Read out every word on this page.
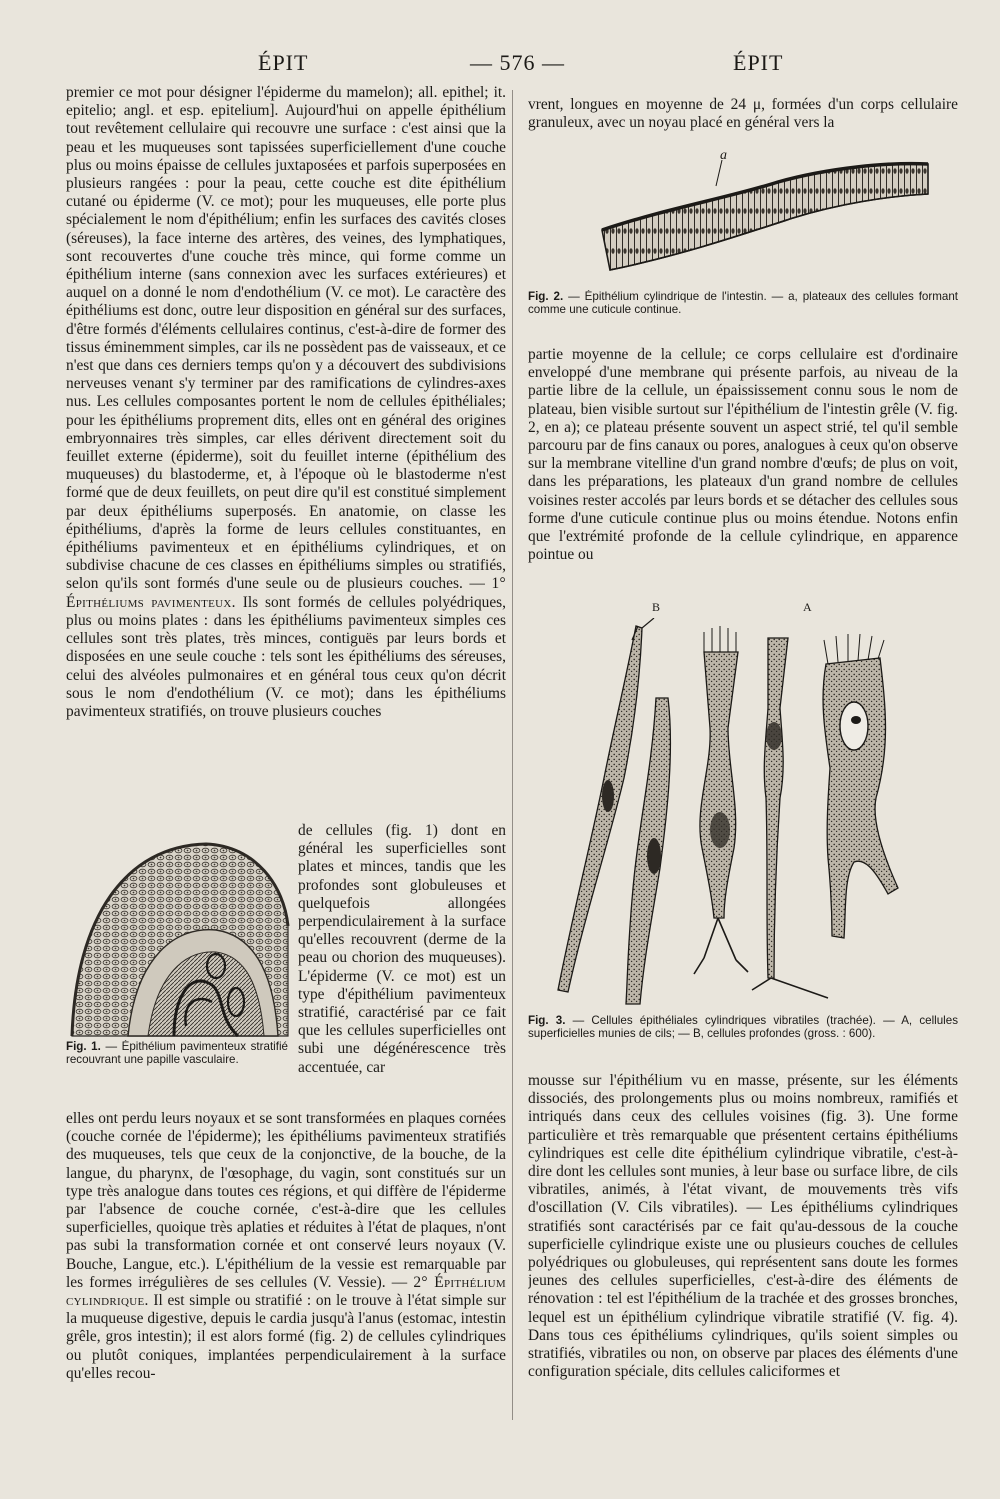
ÉPIT	— 576 —	ÉPIT

premier ce mot pour désigner l'épiderme du mamelon); all. epithel; it. epitelio; angl. et esp. epitelium]. Aujourd'hui on appelle épithélium tout revêtement cellulaire qui recouvre une surface : c'est ainsi que la peau et les muqueuses sont tapissées superficiellement d'une couche plus ou moins épaisse de cellules juxtaposées et parfois superposées en plusieurs rangées : pour la peau, cette couche est dite épithélium cutané ou épiderme (V. ce mot); pour les muqueuses, elle porte plus spécialement le nom d'épithélium; enfin les surfaces des cavités closes (séreuses), la face interne des artères, des veines, des lymphatiques, sont recouvertes d'une couche très mince, qui forme comme un épithélium interne (sans connexion avec les surfaces extérieures) et auquel on a donné le nom d'endothélium (V. ce mot). Le caractère des épithéliums est donc, outre leur disposition en général sur des surfaces, d'être formés d'éléments cellulaires continus, c'est-à-dire de former des tissus éminemment simples, car ils ne possèdent pas de vaisseaux, et ce n'est que dans ces derniers temps qu'on y a découvert des subdivisions nerveuses venant s'y terminer par des ramifications de cylindres-axes nus. Les cellules composantes portent le nom de cellules épithéliales; pour les épithéliums proprement dits, elles ont en général des origines embryonnaires très simples, car elles dérivent directement soit du feuillet externe (épiderme), soit du feuillet interne (épithélium des muqueuses) du blastoderme, et, à l'époque où le blastoderme n'est formé que de deux feuillets, on peut dire qu'il est constitué simplement par deux épithéliums superposés. En anatomie, on classe les épithéliums, d'après la forme de leurs cellules constituantes, en épithéliums pavimenteux et en épithéliums cylindriques, et on subdivise chacune de ces classes en épithéliums simples ou stratifiés, selon qu'ils sont formés d'une seule ou de plusieurs couches. — 1° Épithéliums pavimenteux. Ils sont formés de cellules polyédriques, plus ou moins plates : dans les épithéliums pavimenteux simples ces cellules sont très plates, très minces, contiguës par leurs bords et disposées en une seule couche : tels sont les épithéliums des séreuses, celui des alvéoles pulmonaires et en général tous ceux qu'on décrit sous le nom d'endothélium (V. ce mot); dans les épithéliums pavimenteux stratifiés, on trouve plusieurs couches

Fig. 1. — Épithélium pavimenteux stratifié recouvrant une papille vasculaire.

de cellules (fig. 1) dont en général les superficielles sont plates et minces, tandis que les profondes sont globuleuses et quelquefois allongées perpendiculairement à la surface qu'elles recouvrent (derme de la peau ou chorion des muqueuses). L'épiderme (V. ce mot) est un type d'épithélium pavimenteux stratifié, caractérisé par ce fait que les cellules superficielles ont subi une dégénérescence très accentuée, car

elles ont perdu leurs noyaux et se sont transformées en plaques cornées (couche cornée de l'épiderme); les épithéliums pavimenteux stratifiés des muqueuses, tels que ceux de la conjonctive, de la bouche, de la langue, du pharynx, de l'œsophage, du vagin, sont constitués sur un type très analogue dans toutes ces régions, et qui diffère de l'épiderme par l'absence de couche cornée, c'est-à-dire que les cellules superficielles, quoique très aplaties et réduites à l'état de plaques, n'ont pas subi la transformation cornée et ont conservé leurs noyaux (V. Bouche, Langue, etc.). L'épithélium de la vessie est remarquable par les formes irrégulières de ses cellules (V. Vessie). — 2° Épithélium cylindrique. Il est simple ou stratifié : on le trouve à l'état simple sur la muqueuse digestive, depuis le cardia jusqu'à l'anus (estomac, intestin grêle, gros intestin); il est alors formé (fig. 2) de cellules cylindriques ou plutôt coniques, implantées perpendiculairement à la surface qu'elles recou-

vrent, longues en moyenne de 24 μ, formées d'un corps cellulaire granuleux, avec un noyau placé en général vers la

a
Fig. 2. — Épithélium cylindrique de l'intestin. — a, plateaux des cellules formant comme une cuticule continue.

partie moyenne de la cellule; ce corps cellulaire est d'ordinaire enveloppé d'une membrane qui présente parfois, au niveau de la partie libre de la cellule, un épaississement connu sous le nom de plateau, bien visible surtout sur l'épithélium de l'intestin grêle (V. fig. 2, en a); ce plateau présente souvent un aspect strié, tel qu'il semble parcouru par de fins canaux ou pores, analogues à ceux qu'on observe sur la membrane vitelline d'un grand nombre d'œufs; de plus on voit, dans les préparations, les plateaux d'un grand nombre de cellules voisines rester accolés par leurs bords et se détacher des cellules sous forme d'une cuticule continue plus ou moins étendue. Notons enfin que l'extrémité profonde de la cellule cylindrique, en apparence pointue ou

B	A
Fig. 3. — Cellules épithéliales cylindriques vibratiles (trachée). — A, cellules superficielles munies de cils; — B, cellules profondes (gross. : 600).

mousse sur l'épithélium vu en masse, présente, sur les éléments dissociés, des prolongements plus ou moins nombreux, ramifiés et intriqués dans ceux des cellules voisines (fig. 3). Une forme particulière et très remarquable que présentent certains épithéliums cylindriques est celle dite épithélium cylindrique vibratile, c'est-à-dire dont les cellules sont munies, à leur base ou surface libre, de cils vibratiles, animés, à l'état vivant, de mouvements très vifs d'oscillation (V. Cils vibratiles). — Les épithéliums cylindriques stratifiés sont caractérisés par ce fait qu'au-dessous de la couche superficielle cylindrique existe une ou plusieurs couches de cellules polyédriques ou globuleuses, qui représentent sans doute les formes jeunes des cellules superficielles, c'est-à-dire des éléments de rénovation : tel est l'épithélium de la trachée et des grosses bronches, lequel est un épithélium cylindrique vibratile stratifié (V. fig. 4). Dans tous ces épithéliums cylindriques, qu'ils soient simples ou stratifiés, vibratiles ou non, on observe par places des éléments d'une configuration spéciale, dits cellules caliciformes et
